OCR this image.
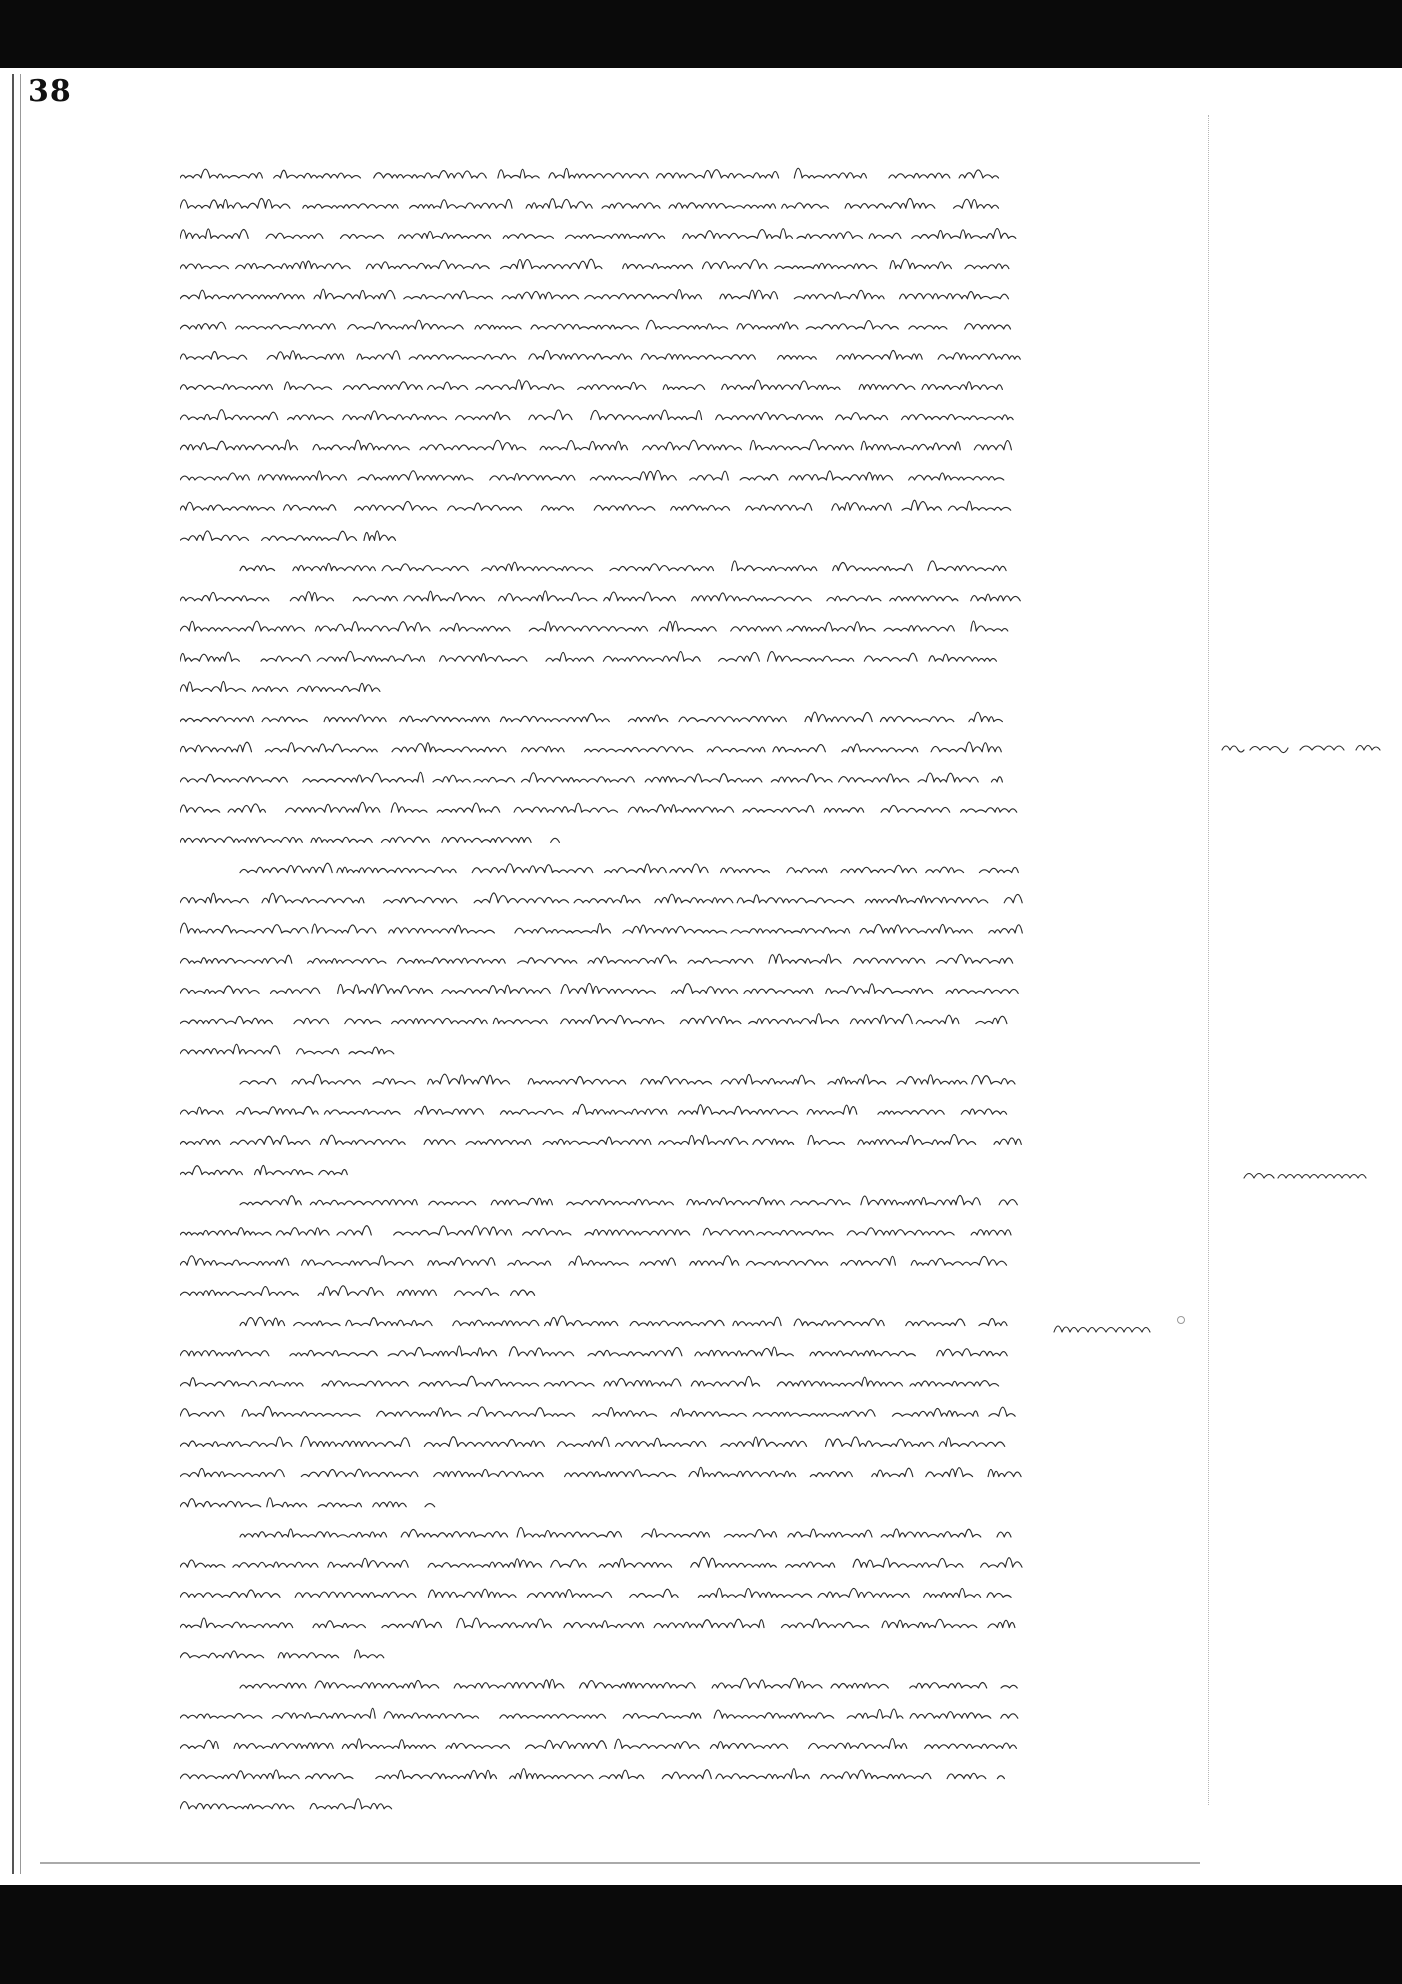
38
